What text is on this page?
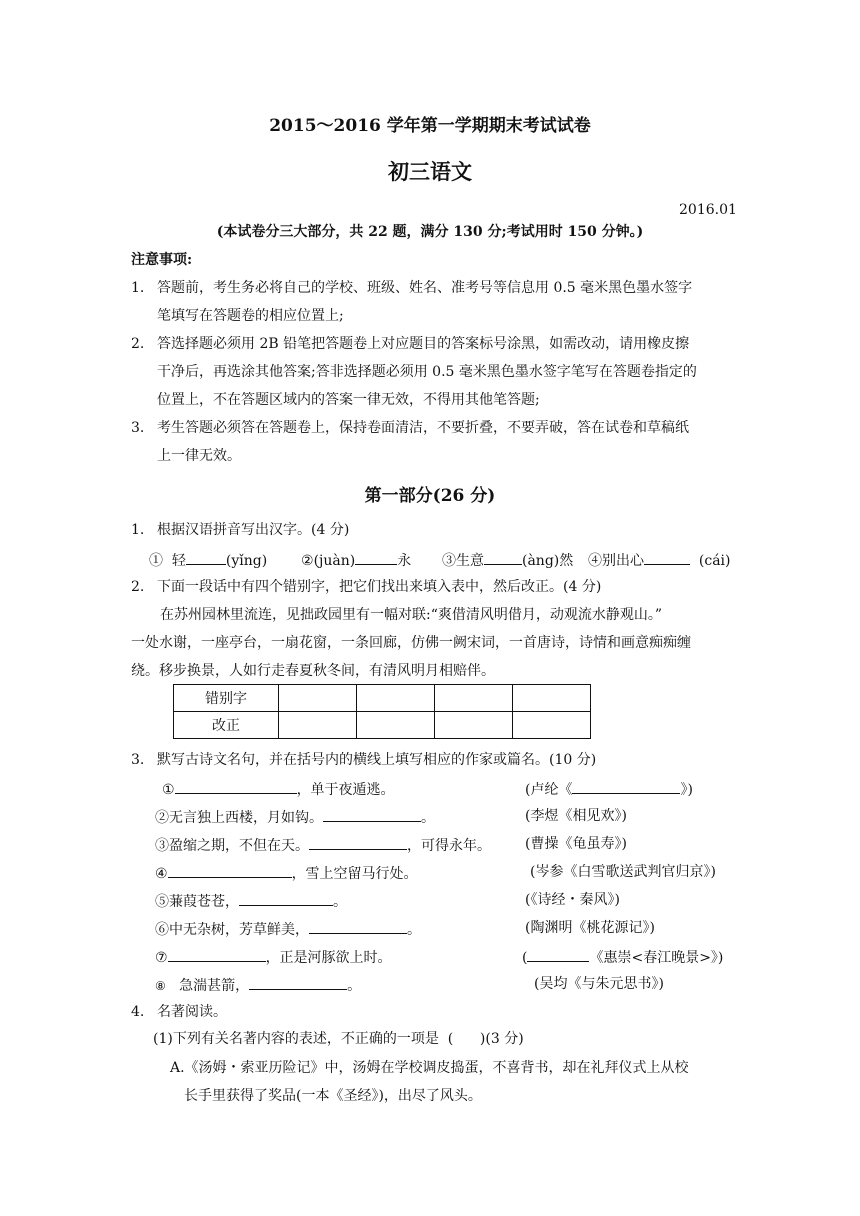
2015～2016 学年第一学期期末考试试卷
初三语文
2016.01
(本试卷分三大部分，共 22 题，满分 130 分;考试用时 150 分钟。)
注意事项:
1. 答题前，考生务必将自己的学校、班级、姓名、准考号等信息用 0.5 毫米黑色墨水签字
笔填写在答题卷的相应位置上;
2. 答选择题必须用 2B 铅笔把答题卷上对应题目的答案标号涂黑，如需改动，请用橡皮擦
干净后，再选涂其他答案;答非选择题必须用 0.5 毫米黑色墨水签字笔写在答题卷指定的
位置上，不在答题区域内的答案一律无效，不得用其他笔答题;
3. 考生答题必须答在答题卷上，保持卷面清洁，不要折叠，不要弄破，答在试卷和草稿纸
上一律无效。
第一部分(26 分)
1. 根据汉语拼音写出汉字。(4 分)
① 轻	(yǐng) ②(juàn)	永 ③生意	(àng)然 ④别出心	(cái)
2. 下面一段话中有四个错别字，把它们找出来填入表中，然后改正。(4 分)
在苏州园林里流连，见拙政园里有一幅对联:“爽借清风明借月，动观流水静观山。”
一处水谢，一座亭台，一扇花窗，一条回廊，仿佛一阙宋词，一首唐诗，诗情和画意痴痴缠
绕。移步换景，人如行走春夏秋冬间，有清风明月相赔伴。
错别字				
改正				
3. 默写古诗文名句，并在括号内的横线上填写相应的作家或篇名。(10 分)
①	，单于夜遁逃。	(卢纶《	》)
②无言独上西楼，月如钩。	。	(李煜《相见欢》)
③盈缩之期，不但在天。	，可得永年。 (曹操《龟虽寿》)
④	，雪上空留马行处。	(岑参《白雪歌送武判官归京》)
⑤蒹葭苍苍，	。	(《诗经・秦风》)
⑥中无杂树，芳草鲜美，	。	(陶渊明《桃花源记》)
⑦	，正是河豚欲上时。	(	《惠崇<春江晚景>》)
⑧ 急湍甚箭，	。	(吴均《与朱元思书》)
4. 名著阅读。
(1)下列有关名著内容的表述，不正确的一项是 ( )(3 分)
A.《汤姆・索亚历险记》中，汤姆在学校调皮捣蛋，不喜背书，却在礼拜仪式上从校
长手里获得了奖品(一本《圣经》)，出尽了风头。
